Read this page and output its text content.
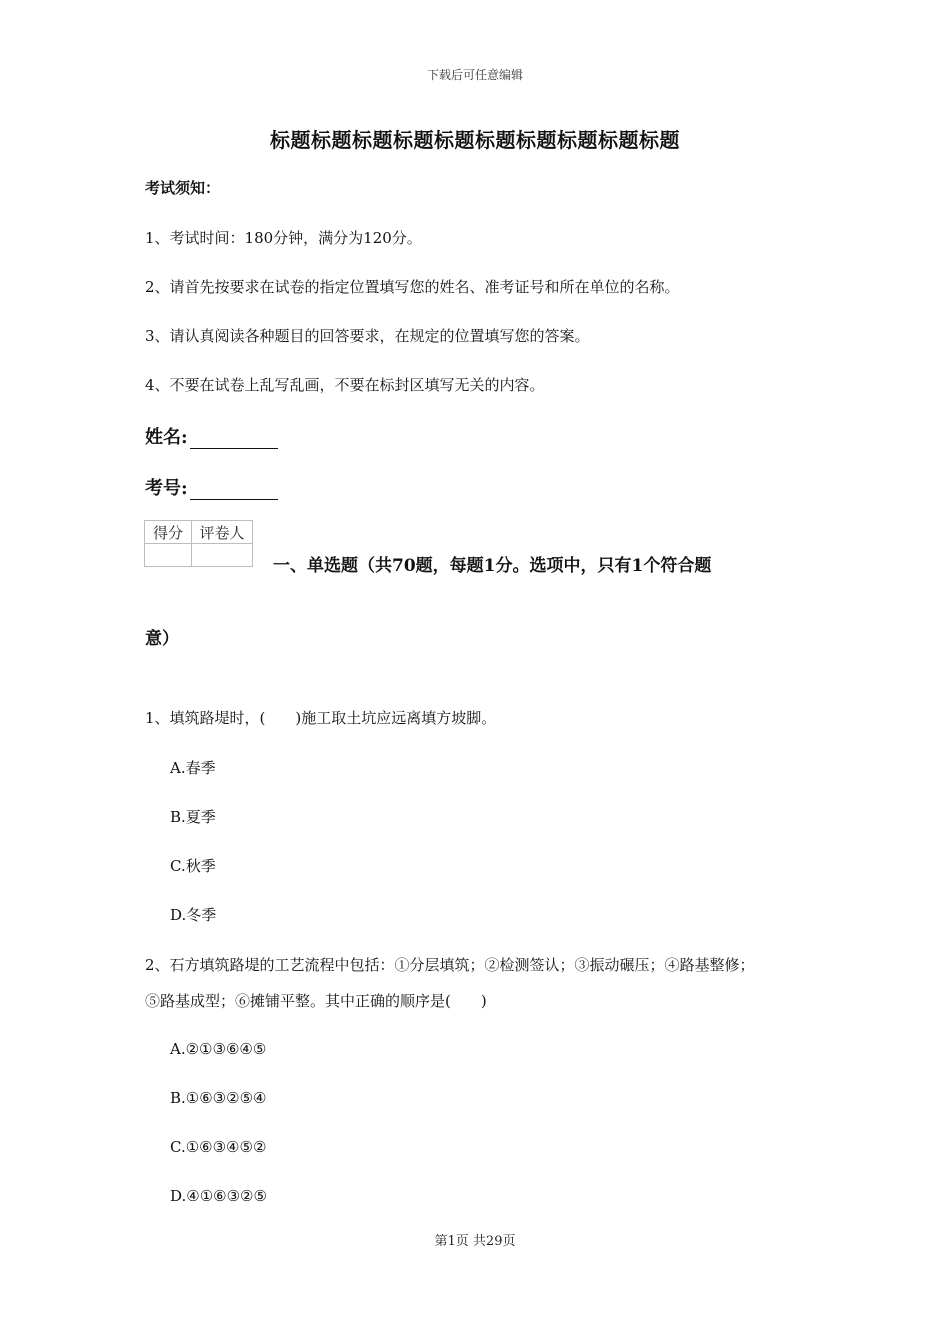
下载后可任意编辑
标题标题标题标题标题标题标题标题标题标题
考试须知：
1、考试时间：180分钟，满分为120分。
2、请首先按要求在试卷的指定位置填写您的姓名、准考证号和所在单位的名称。
3、请认真阅读各种题目的回答要求，在规定的位置填写您的答案。
4、不要在试卷上乱写乱画，不要在标封区填写无关的内容。
姓名:
考号:
得分	评卷人

一、单选题（共70题，每题1分。选项中，只有1个符合题
意）
1、填筑路堤时，(　　)施工取土坑应远离填方坡脚。
A.春季
B.夏季
C.秋季
D.冬季
2、石方填筑路堤的工艺流程中包括：①分层填筑；②检测签认；③振动碾压；④路基整修；
⑤路基成型；⑥摊铺平整。其中正确的顺序是(　　)
A.②①③⑥④⑤
B.①⑥③②⑤④
C.①⑥③④⑤②
D.④①⑥③②⑤
第1页 共29页
